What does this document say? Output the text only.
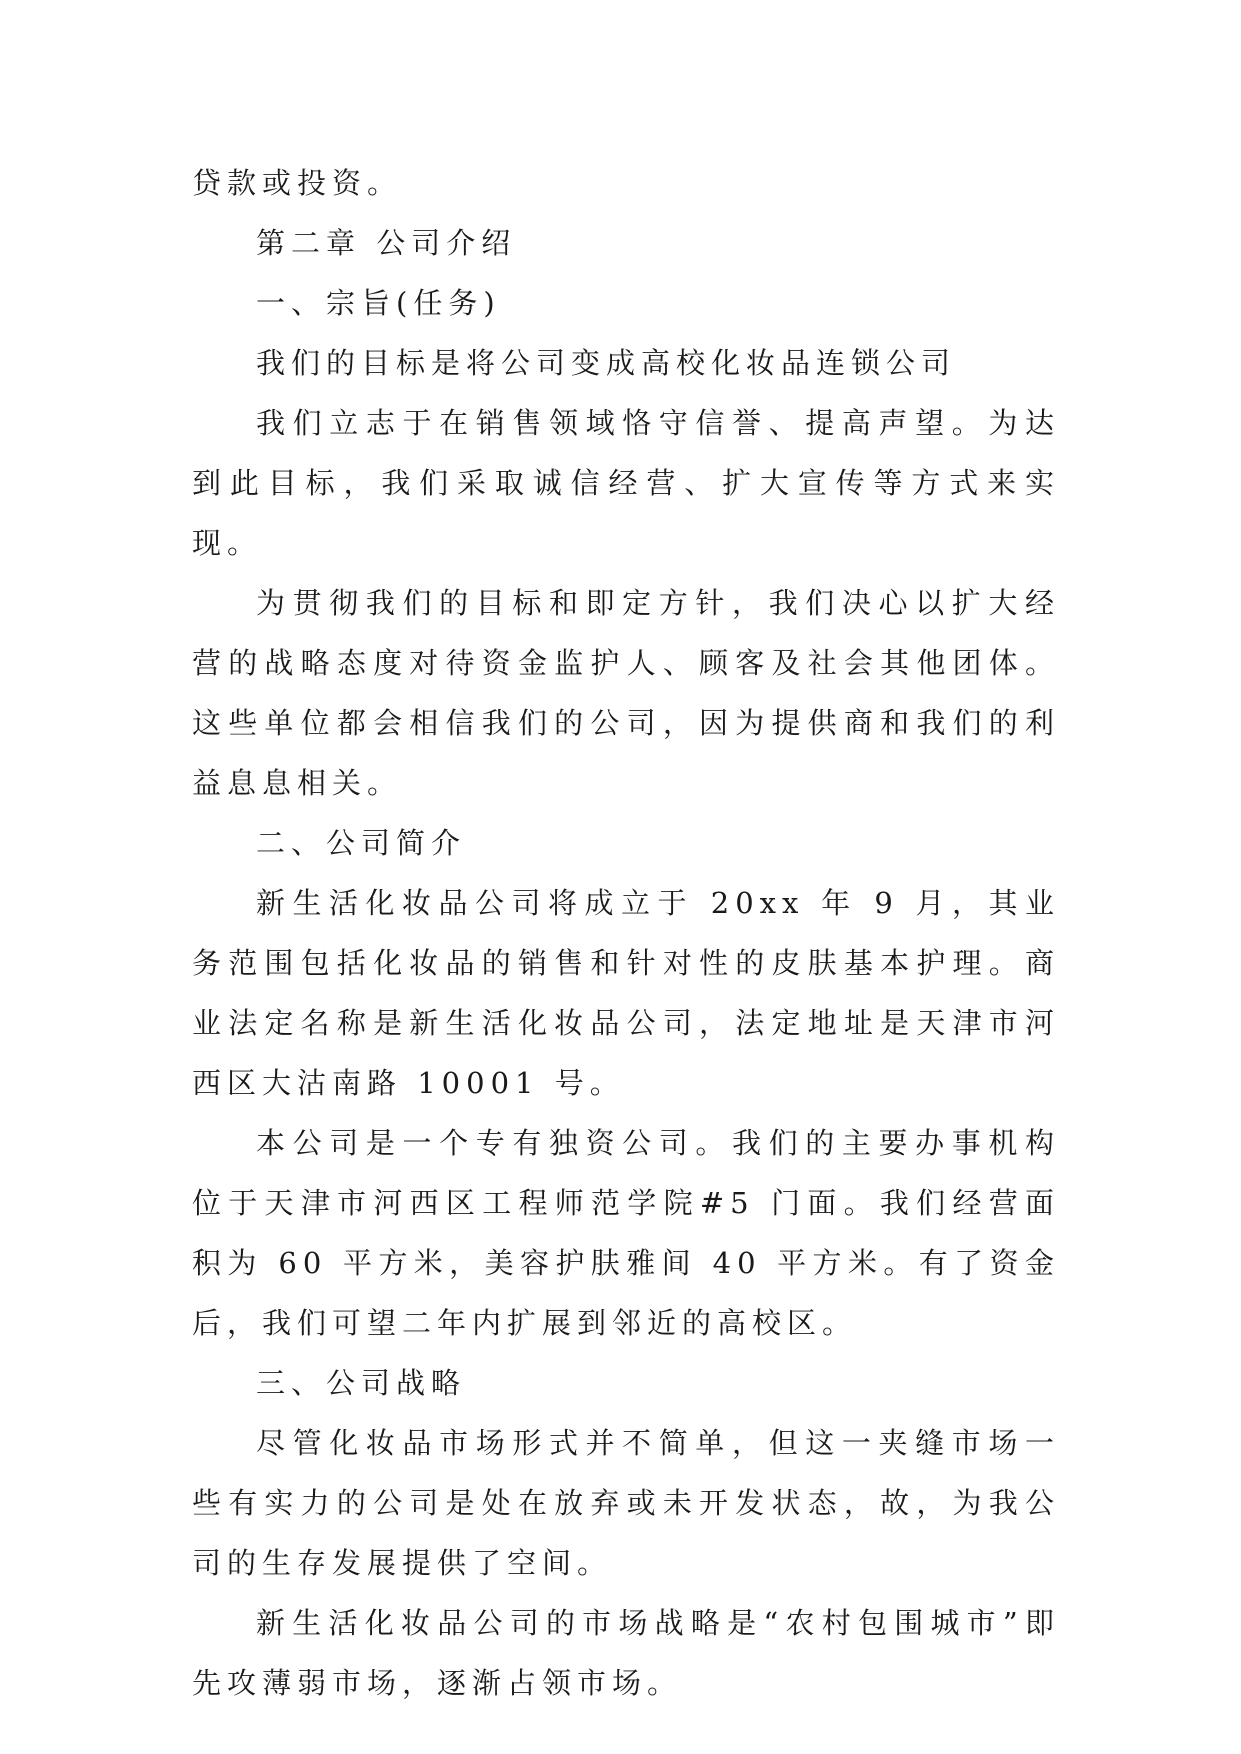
贷款或投资。

第二章 公司介绍

一、宗旨(任务)

我们的目标是将公司变成高校化妆品连锁公司

我们立志于在销售领域恪守信誉、提高声望。为达到此目标，我们采取诚信经营、扩大宣传等方式来实现。

为贯彻我们的目标和即定方针，我们决心以扩大经营的战略态度对待资金监护人、顾客及社会其他团体。这些单位都会相信我们的公司，因为提供商和我们的利益息息相关。

二、公司简介

新生活化妆品公司将成立于 20xx 年 9 月，其业务范围包括化妆品的销售和针对性的皮肤基本护理。商业法定名称是新生活化妆品公司，法定地址是天津市河西区大沽南路 10001 号。

本公司是一个专有独资公司。我们的主要办事机构位于天津市河西区工程师范学院#5 门面。我们经营面积为 60 平方米，美容护肤雅间 40 平方米。有了资金后，我们可望二年内扩展到邻近的高校区。

三、公司战略

尽管化妆品市场形式并不简单，但这一夹缝市场一些有实力的公司是处在放弃或未开发状态，故，为我公司的生存发展提供了空间。

新生活化妆品公司的市场战略是“农村包围城市”即先攻薄弱市场，逐渐占领市场。
